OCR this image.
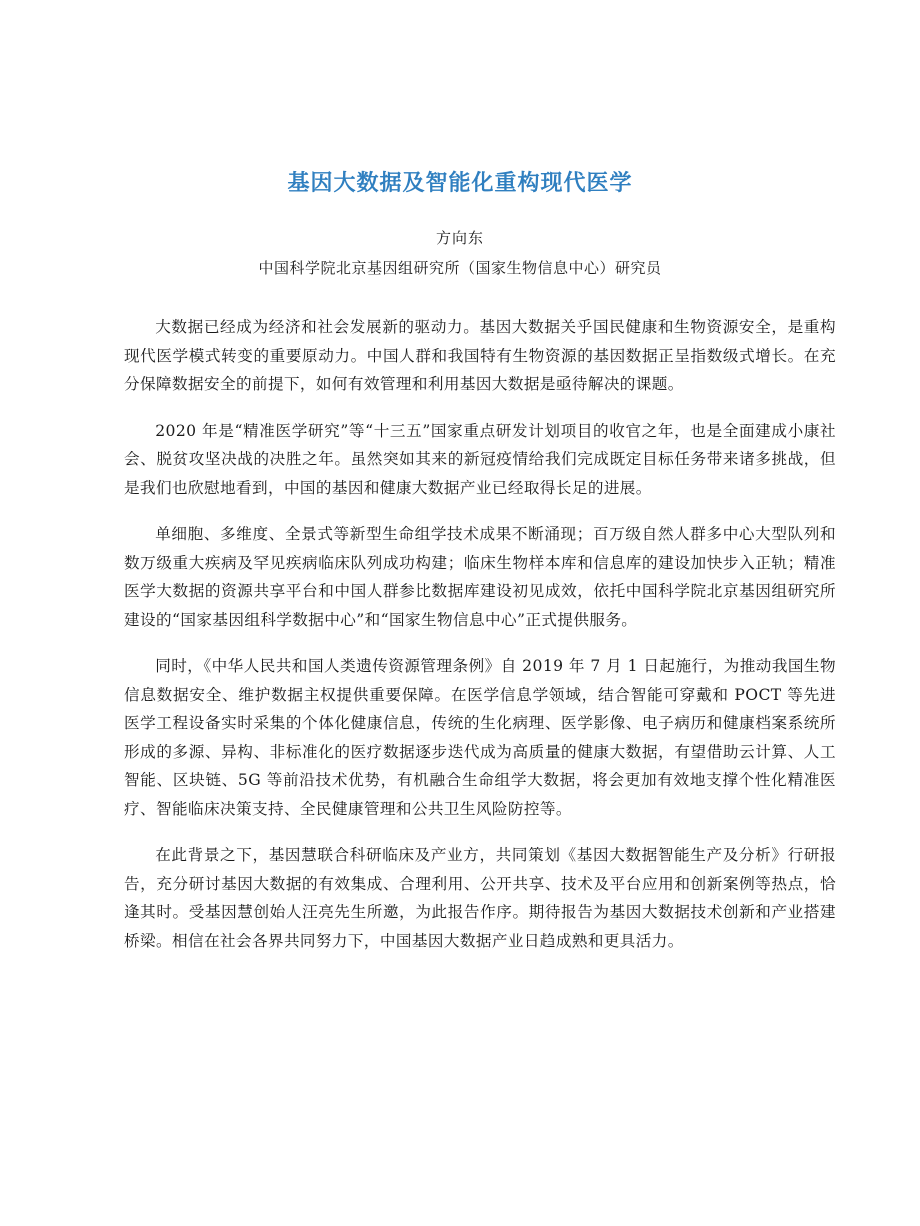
基因大数据及智能化重构现代医学

方向东

中国科学院北京基因组研究所（国家生物信息中心）研究员

大数据已经成为经济和社会发展新的驱动力。基因大数据关乎国民健康和生物资源安全，是重构现代医学模式转变的重要原动力。中国人群和我国特有生物资源的基因数据正呈指数级式增长。在充分保障数据安全的前提下，如何有效管理和利用基因大数据是亟待解决的课题。

2020 年是“精准医学研究”等“十三五”国家重点研发计划项目的收官之年，也是全面建成小康社会、脱贫攻坚决战的决胜之年。虽然突如其来的新冠疫情给我们完成既定目标任务带来诸多挑战，但是我们也欣慰地看到，中国的基因和健康大数据产业已经取得长足的进展。

单细胞、多维度、全景式等新型生命组学技术成果不断涌现；百万级自然人群多中心大型队列和数万级重大疾病及罕见疾病临床队列成功构建；临床生物样本库和信息库的建设加快步入正轨；精准医学大数据的资源共享平台和中国人群参比数据库建设初见成效，依托中国科学院北京基因组研究所建设的“国家基因组科学数据中心”和“国家生物信息中心”正式提供服务。

同时，《中华人民共和国人类遗传资源管理条例》自 2019 年 7 月 1 日起施行，为推动我国生物信息数据安全、维护数据主权提供重要保障。在医学信息学领域，结合智能可穿戴和 POCT 等先进医学工程设备实时采集的个体化健康信息，传统的生化病理、医学影像、电子病历和健康档案系统所形成的多源、异构、非标准化的医疗数据逐步迭代成为高质量的健康大数据，有望借助云计算、人工智能、区块链、5G 等前沿技术优势，有机融合生命组学大数据，将会更加有效地支撑个性化精准医疗、智能临床决策支持、全民健康管理和公共卫生风险防控等。

在此背景之下，基因慧联合科研临床及产业方，共同策划《基因大数据智能生产及分析》行研报告，充分研讨基因大数据的有效集成、合理利用、公开共享、技术及平台应用和创新案例等热点，恰逢其时。受基因慧创始人汪亮先生所邀，为此报告作序。期待报告为基因大数据技术创新和产业搭建桥梁。相信在社会各界共同努力下，中国基因大数据产业日趋成熟和更具活力。
